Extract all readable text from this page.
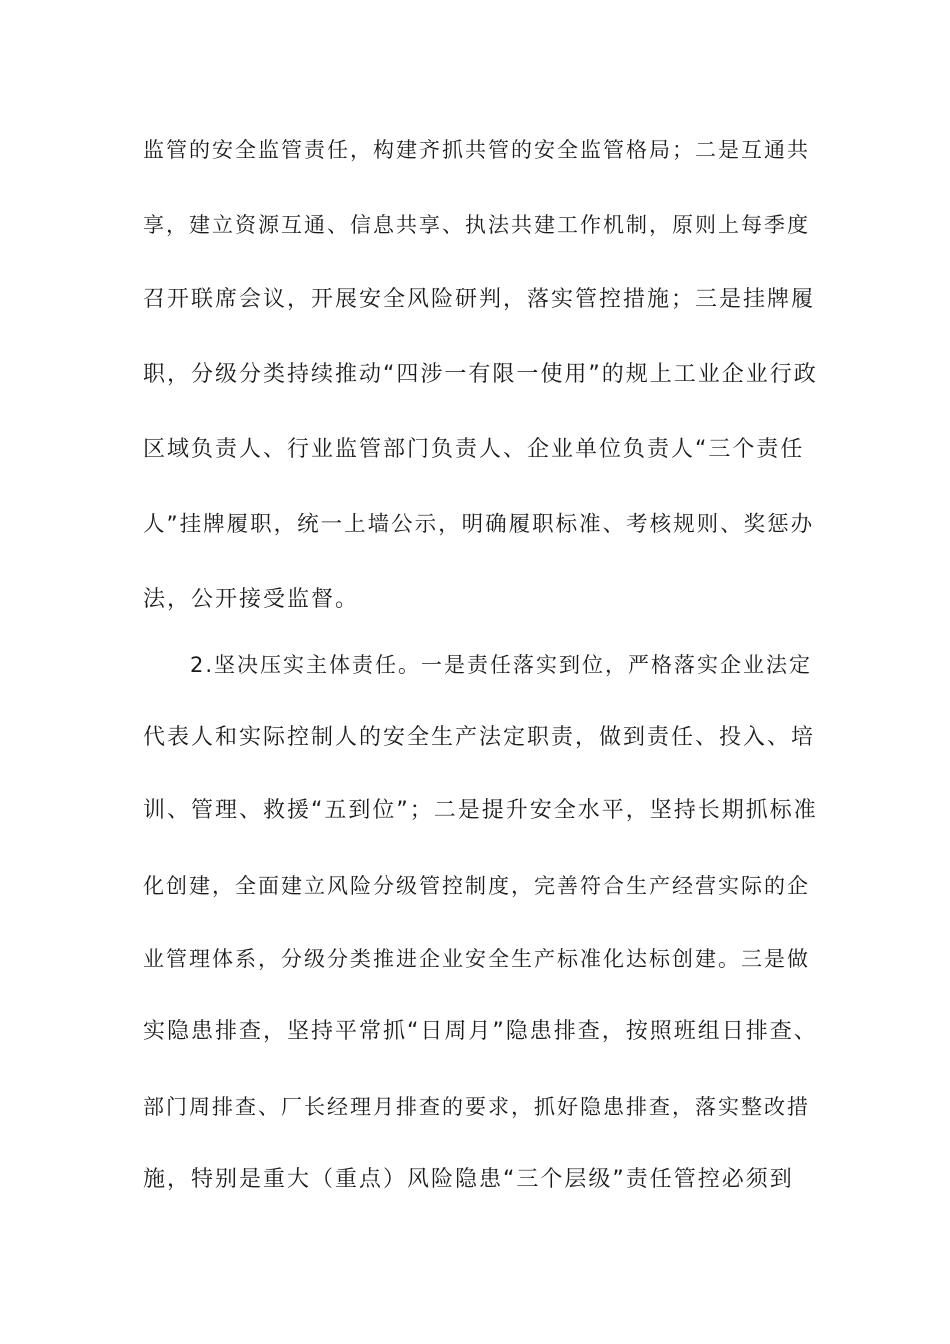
监管的安全监管责任，构建齐抓共管的安全监管格局；二是互通共
享，建立资源互通、信息共享、执法共建工作机制，原则上每季度
召开联席会议，开展安全风险研判，落实管控措施；三是挂牌履
职，分级分类持续推动“四涉一有限一使用”的规上工业企业行政
区域负责人、行业监管部门负责人、企业单位负责人“三个责任
人”挂牌履职，统一上墙公示，明确履职标准、考核规则、奖惩办
法，公开接受监督。
2.坚决压实主体责任。一是责任落实到位，严格落实企业法定
代表人和实际控制人的安全生产法定职责，做到责任、投入、培
训、管理、救援“五到位”；二是提升安全水平，坚持长期抓标准
化创建，全面建立风险分级管控制度，完善符合生产经营实际的企
业管理体系，分级分类推进企业安全生产标准化达标创建。三是做
实隐患排查，坚持平常抓“日周月”隐患排查，按照班组日排查、
部门周排查、厂长经理月排查的要求，抓好隐患排查，落实整改措
施，特别是重大（重点）风险隐患“三个层级”责任管控必须到
